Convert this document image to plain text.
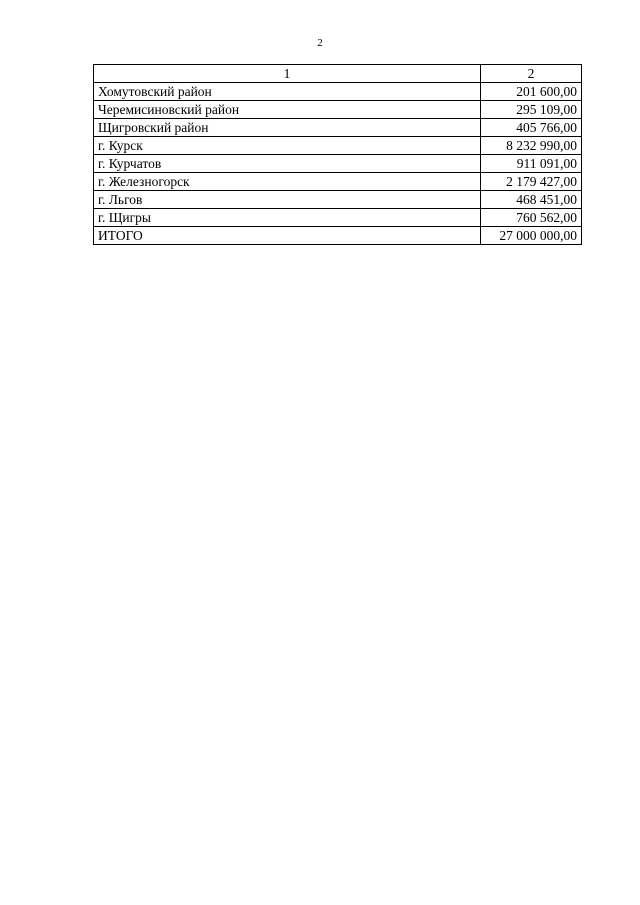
2
1	2
Хомутовский район	201 600,00
Черемисиновский район	295 109,00
Щигровский район	405 766,00
г. Курск	8 232 990,00
г. Курчатов	911 091,00
г. Железногорск	2 179 427,00
г. Льгов	468 451,00
г. Щигры	760 562,00
ИТОГО	27 000 000,00
